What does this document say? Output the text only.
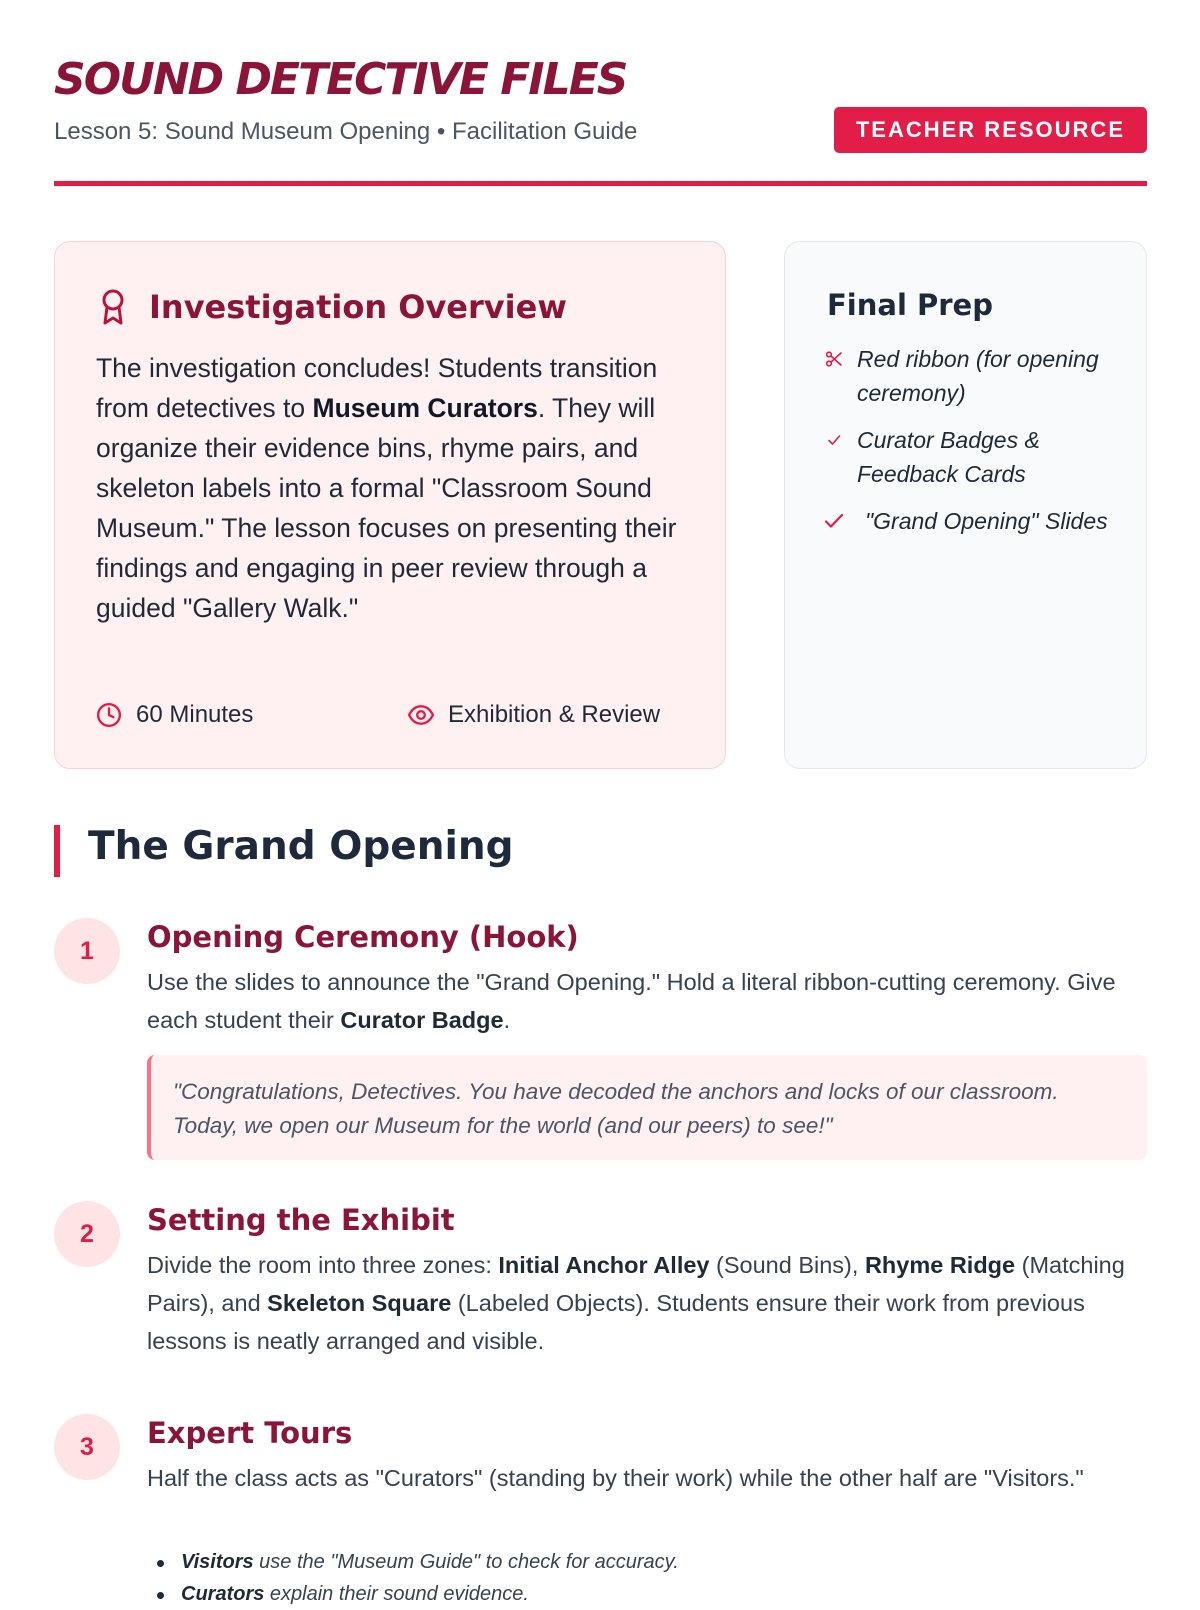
SOUND DETECTIVE FILES
Lesson 5: Sound Museum Opening • Facilitation Guide	TEACHER RESOURCE
Investigation Overview

The investigation concludes! Students transition from detectives to Museum Curators. They will organize their evidence bins, rhyme pairs, and skeleton labels into a formal "Classroom Sound Museum." The lesson focuses on presenting their findings and engaging in peer review through a guided "Gallery Walk."

60 Minutes	Exhibition & Review
Final Prep
Red ribbon (for opening ceremony)
Curator Badges & Feedback Cards
"Grand Opening" Slides
The Grand Opening
1	Opening Ceremony (Hook)

Use the slides to announce the "Grand Opening." Hold a literal ribbon-cutting ceremony. Give each student their Curator Badge.

"Congratulations, Detectives. You have decoded the anchors and locks of our classroom. Today, we open our Museum for the world (and our peers) to see!"

2	Setting the Exhibit

Divide the room into three zones: Initial Anchor Alley (Sound Bins), Rhyme Ridge (Matching Pairs), and Skeleton Square (Labeled Objects). Students ensure their work from previous lessons is neatly arranged and visible.

3	Expert Tours

Half the class acts as "Curators" (standing by their work) while the other half are "Visitors."

Visitors use the "Museum Guide" to check for accuracy.
Curators explain their sound evidence.
